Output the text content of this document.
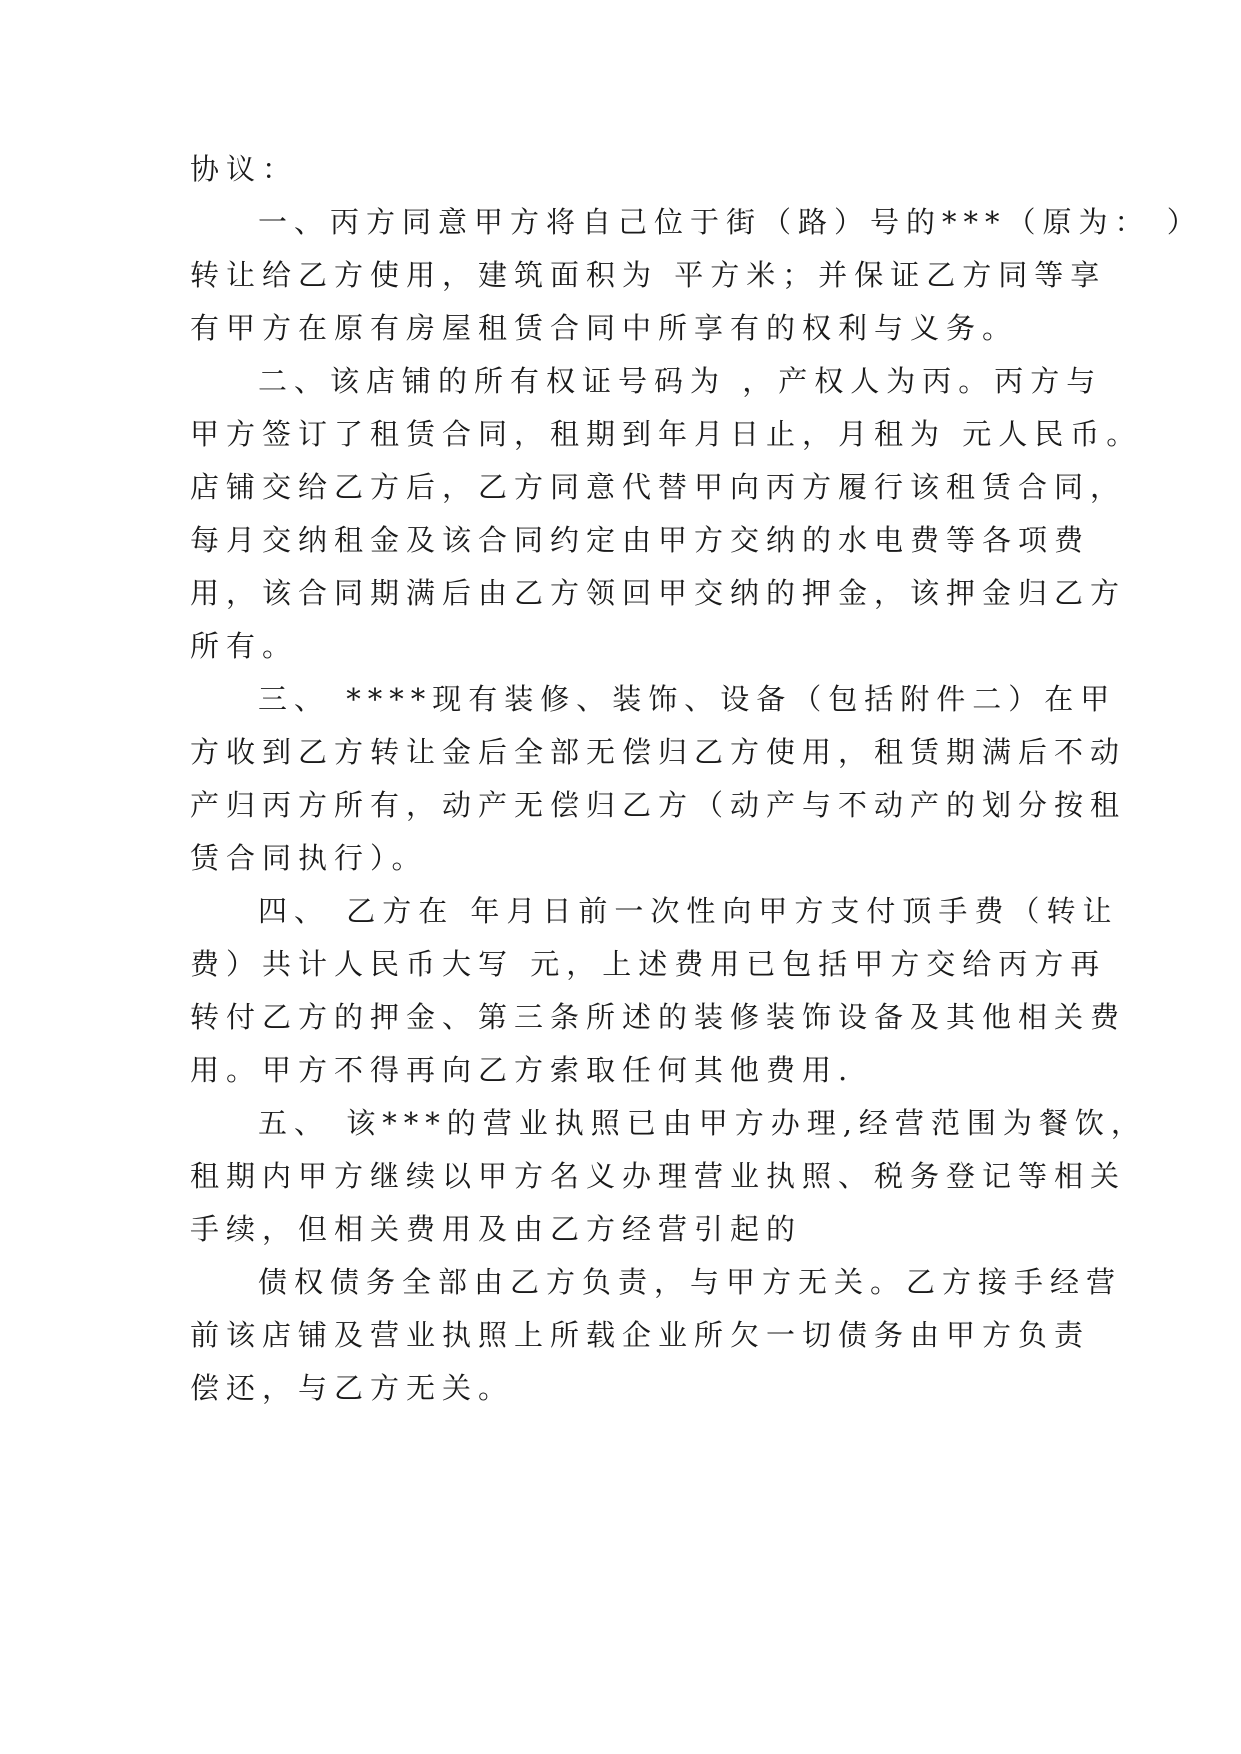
协议：

一、丙方同意甲方将自己位于街（路）号的***（原为： ）

转让给乙方使用，建筑面积为 平方米；并保证乙方同等享

有甲方在原有房屋租赁合同中所享有的权利与义务。

二、该店铺的所有权证号码为 ，产权人为丙。丙方与

甲方签订了租赁合同，租期到年月日止，月租为 元人民币。

店铺交给乙方后，乙方同意代替甲向丙方履行该租赁合同，

每月交纳租金及该合同约定由甲方交纳的水电费等各项费

用，该合同期满后由乙方领回甲交纳的押金，该押金归乙方

所有。

三、 ****现有装修、装饰、设备（包括附件二）在甲

方收到乙方转让金后全部无偿归乙方使用，租赁期满后不动

产归丙方所有，动产无偿归乙方（动产与不动产的划分按租

赁合同执行）。

四、 乙方在 年月日前一次性向甲方支付顶手费（转让

费）共计人民币大写 元，上述费用已包括甲方交给丙方再

转付乙方的押金、第三条所述的装修装饰设备及其他相关费

用。甲方不得再向乙方索取任何其他费用.

五、 该***的营业执照已由甲方办理,经营范围为餐饮，

租期内甲方继续以甲方名义办理营业执照、税务登记等相关

手续，但相关费用及由乙方经营引起的

债权债务全部由乙方负责，与甲方无关。乙方接手经营

前该店铺及营业执照上所载企业所欠一切债务由甲方负责

偿还，与乙方无关。
